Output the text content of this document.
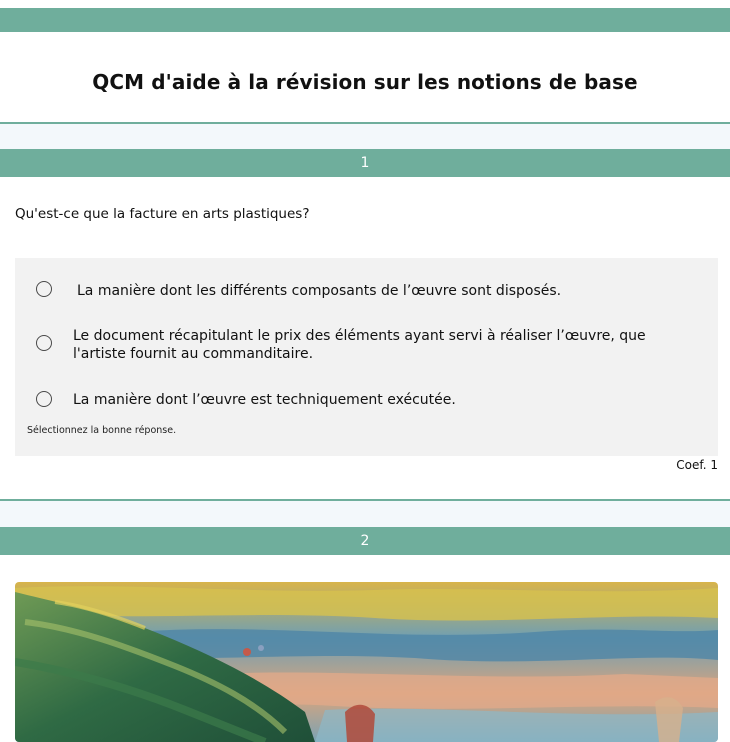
QCM d'aide à la révision sur les notions de base
1
Qu'est-ce que la facture en arts plastiques?
La manière dont les différents composants de l’œuvre sont disposés.
Le document récapitulant le prix des éléments ayant servi à réaliser l’œuvre, que l'artiste fournit au commanditaire.
La manière dont l’œuvre est techniquement exécutée.
Sélectionnez la bonne réponse.
Coef. 1
2
